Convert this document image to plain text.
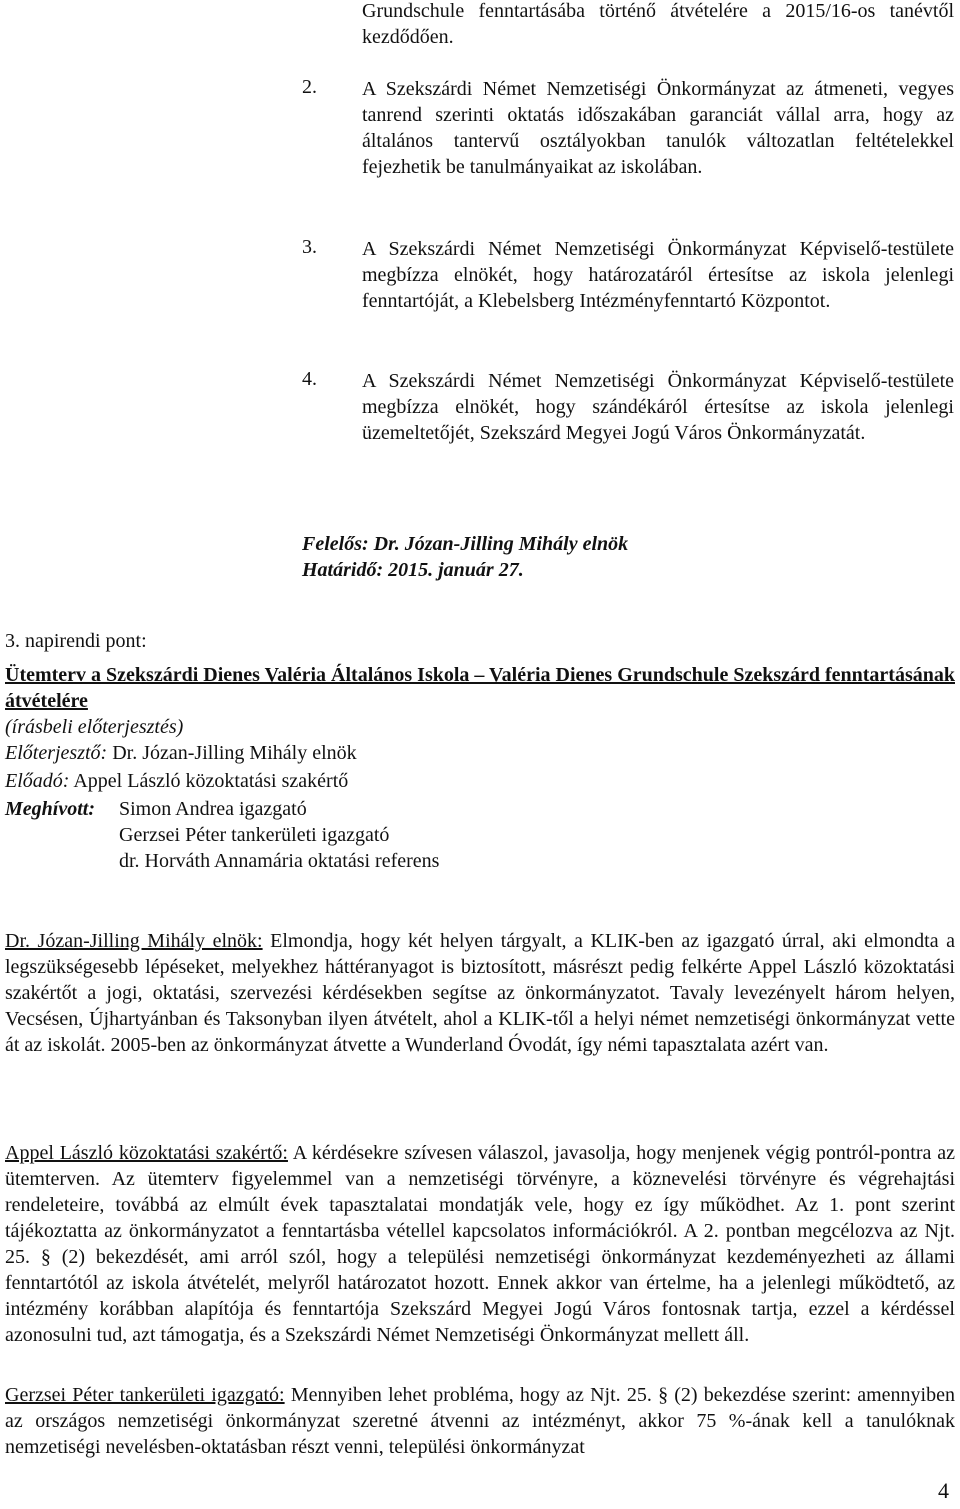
Grundschule fenntartásába történő átvételére a 2015/16-os tanévtől kezdődően.

2. A Szekszárdi Német Nemzetiségi Önkormányzat az átmeneti, vegyes tanrend szerinti oktatás időszakában garanciát vállal arra, hogy az általános tantervű osztályokban tanulók változatlan feltételekkel fejezhetik be tanulmányaikat az iskolában.

3. A Szekszárdi Német Nemzetiségi Önkormányzat Képviselő-testülete megbízza elnökét, hogy határozatáról értesítse az iskola jelenlegi fenntartóját, a Klebelsberg Intézményfenntartó Központot.

4. A Szekszárdi Német Nemzetiségi Önkormányzat Képviselő-testülete megbízza elnökét, hogy szándékáról értesítse az iskola jelenlegi üzemeltetőjét, Szekszárd Megyei Jogú Város Önkormányzatát.

Felelős: Dr. Józan-Jilling Mihály elnök
Határidő: 2015. január 27.
3. napirendi pont:
Ütemterv a Szekszárdi Dienes Valéria Általános Iskola – Valéria Dienes Grundschule Szekszárd fenntartásának átvételére
(írásbeli előterjesztés)
Előterjesztő: Dr. Józan-Jilling Mihály elnök
Előadó: Appel László közoktatási szakértő
Meghívott: Simon Andrea igazgató
Gerzsei Péter tankerületi igazgató
dr. Horváth Annamária oktatási referens

Dr. Józan-Jilling Mihály elnök: Elmondja, hogy két helyen tárgyalt, a KLIK-ben az igazgató úrral, aki elmondta a legszükségesebb lépéseket, melyekhez háttéranyagot is biztosított, másrészt pedig felkérte Appel László közoktatási szakértőt a jogi, oktatási, szervezési kérdésekben segítse az önkormányzatot. Tavaly levezényelt három helyen, Vecsésen, Újhartyánban és Taksonyban ilyen átvételt, ahol a KLIK-től a helyi német nemzetiségi önkormányzat vette át az iskolát. 2005-ben az önkormányzat átvette a Wunderland Óvodát, így némi tapasztalata azért van.

Appel László közoktatási szakértő: A kérdésekre szívesen válaszol, javasolja, hogy menjenek végig pontról-pontra az ütemterven. Az ütemterv figyelemmel van a nemzetiségi törvényre, a köznevelési törvényre és végrehajtási rendeleteire, továbbá az elmúlt évek tapasztalatai mondatják vele, hogy ez így működhet. Az 1. pont szerint tájékoztatta az önkormányzatot a fenntartásba vétellel kapcsolatos információkról. A 2. pontban megcélozva az Njt. 25. § (2) bekezdését, ami arról szól, hogy a települési nemzetiségi önkormányzat kezdeményezheti az állami fenntartótól az iskola átvételét, melyről határozatot hozott. Ennek akkor van értelme, ha a jelenlegi működtető, az intézmény korábban alapítója és fenntartója Szekszárd Megyei Jogú Város fontosnak tartja, ezzel a kérdéssel azonosulni tud, azt támogatja, és a Szekszárdi Német Nemzetiségi Önkormányzat mellett áll.

Gerzsei Péter tankerületi igazgató: Mennyiben lehet probléma, hogy az Njt. 25. § (2) bekezdése szerint: amennyiben az országos nemzetiségi önkormányzat szeretné átvenni az intézményt, akkor 75 %-ának kell a tanulóknak nemzetiségi nevelésben-oktatásban részt venni, települési önkormányzat

4
